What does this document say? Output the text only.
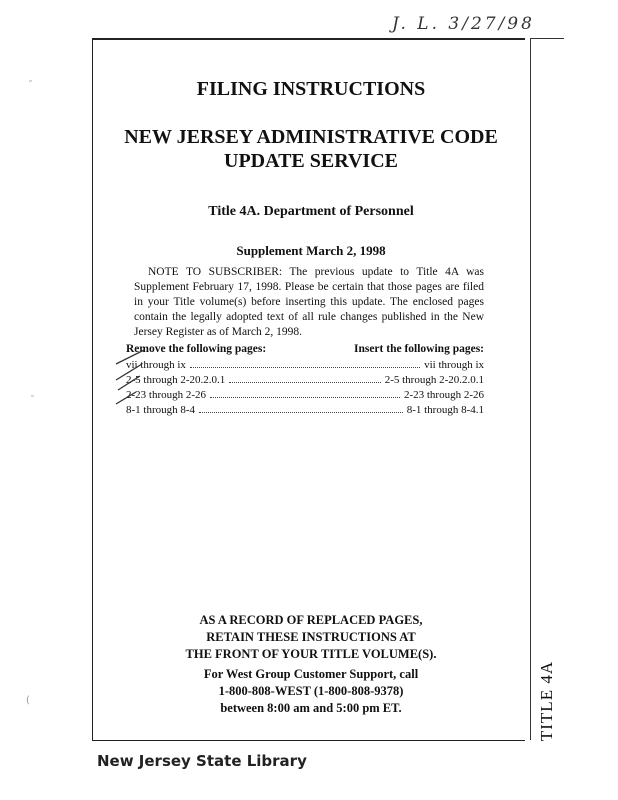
J. L. 3/27/98
TITLE 4A
FILING INSTRUCTIONS
NEW JERSEY ADMINISTRATIVE CODE
UPDATE SERVICE
Title 4A. Department of Personnel
Supplement March 2, 1998
NOTE TO SUBSCRIBER: The previous update to Title 4A was Supplement February 17, 1998. Please be certain that those pages are filed in your Title volume(s) before inserting this update. The enclosed pages contain the legally adopted text of all rule changes published in the New Jersey Register as of March 2, 1998.
Remove the following pages:	Insert the following pages:
vii through ix	vii through ix
2-5 through 2-20.2.0.1	2-5 through 2-20.2.0.1
2-23 through 2-26	2-23 through 2-26
8-1 through 8-4	8-1 through 8-4.1
AS A RECORD OF REPLACED PAGES,
RETAIN THESE INSTRUCTIONS AT
THE FRONT OF YOUR TITLE VOLUME(S).
For West Group Customer Support, call
1-800-808-WEST (1-800-808-9378)
between 8:00 am and 5:00 pm ET.
New Jersey State Library
˘
˘
(
